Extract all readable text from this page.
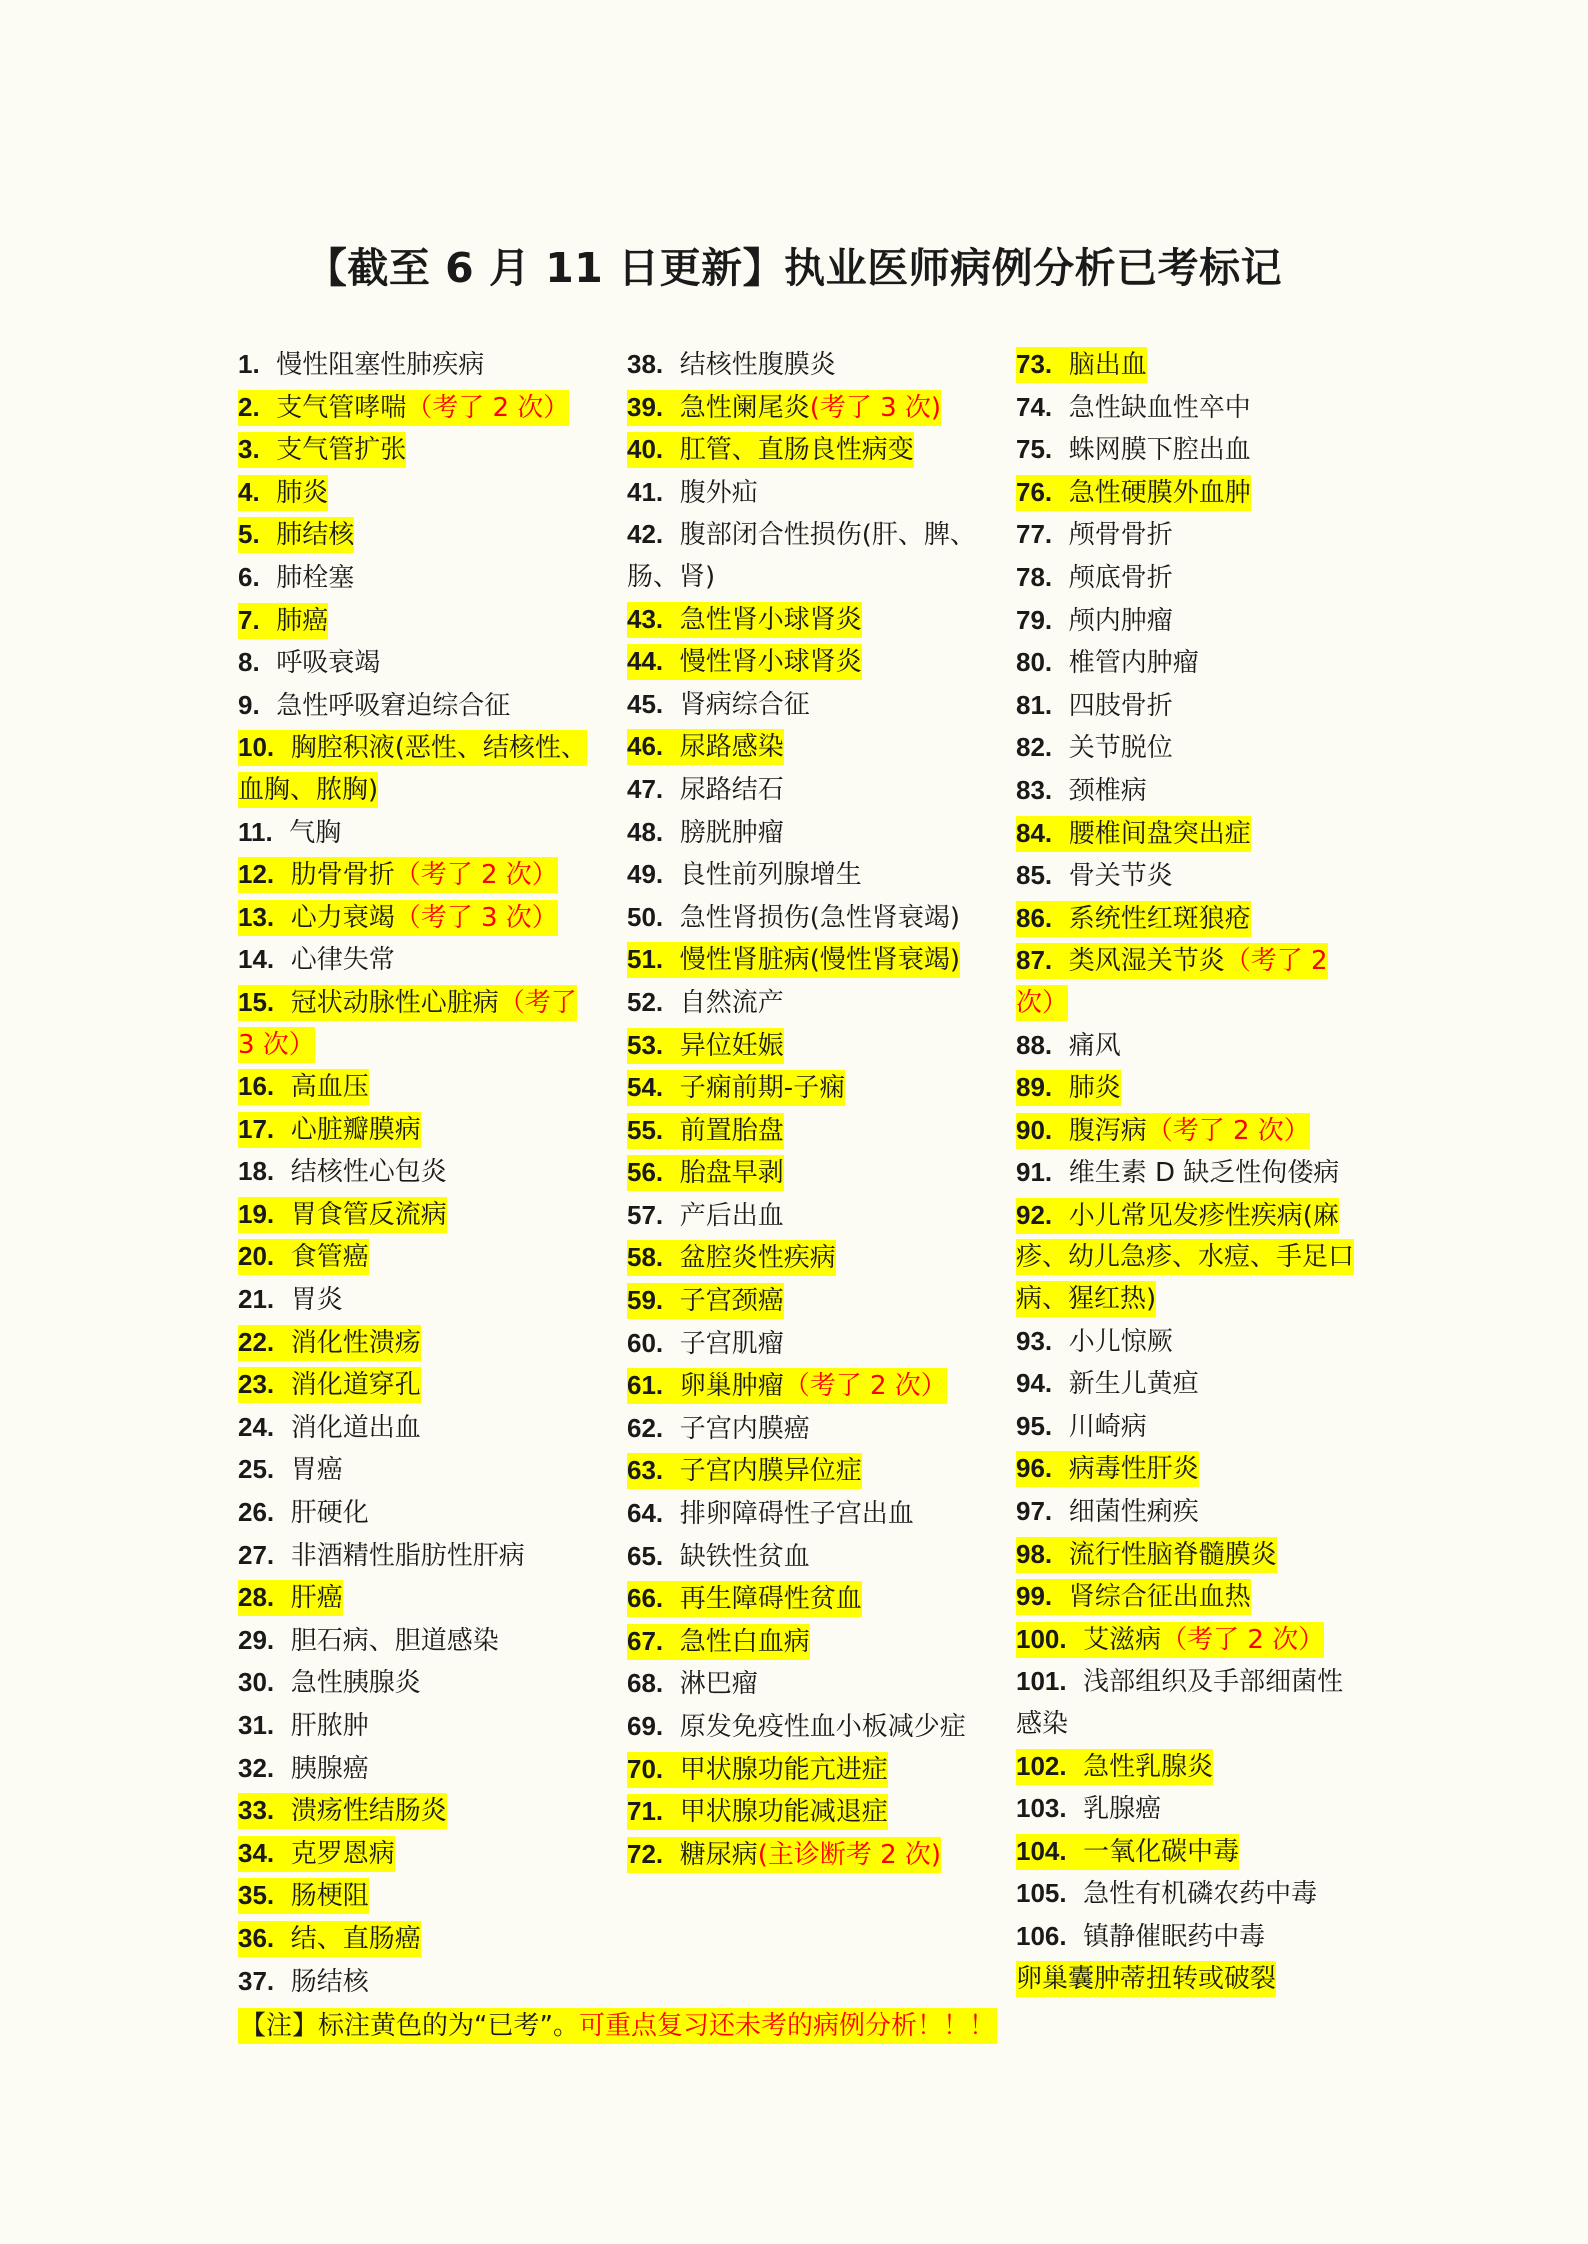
【截至 6 月 11 日更新】执业医师病例分析已考标记
1. 慢性阻塞性肺疾病
2. 支气管哮喘（考了 2 次）
3. 支气管扩张
4. 肺炎
5. 肺结核
6. 肺栓塞
7. 肺癌
8. 呼吸衰竭
9. 急性呼吸窘迫综合征
10. 胸腔积液(恶性、结核性、血胸、脓胸)
11. 气胸
12. 肋骨骨折（考了 2 次）
13. 心力衰竭（考了 3 次）
14. 心律失常
15. 冠状动脉性心脏病（考了 3 次）
16. 高血压
17. 心脏瓣膜病
18. 结核性心包炎
19. 胃食管反流病
20. 食管癌
21. 胃炎
22. 消化性溃疡
23. 消化道穿孔
24. 消化道出血
25. 胃癌
26. 肝硬化
27. 非酒精性脂肪性肝病
28. 肝癌
29. 胆石病、胆道感染
30. 急性胰腺炎
31. 肝脓肿
32. 胰腺癌
33. 溃疡性结肠炎
34. 克罗恩病
35. 肠梗阻
36. 结、直肠癌
37. 肠结核
38. 结核性腹膜炎
39. 急性阑尾炎(考了 3 次)
40. 肛管、直肠良性病变
41. 腹外疝
42. 腹部闭合性损伤(肝、脾、肠、肾)
43. 急性肾小球肾炎
44. 慢性肾小球肾炎
45. 肾病综合征
46. 尿路感染
47. 尿路结石
48. 膀胱肿瘤
49. 良性前列腺增生
50. 急性肾损伤(急性肾衰竭)
51. 慢性肾脏病(慢性肾衰竭)
52. 自然流产
53. 异位妊娠
54. 子痫前期-子痫
55. 前置胎盘
56. 胎盘早剥
57. 产后出血
58. 盆腔炎性疾病
59. 子宫颈癌
60. 子宫肌瘤
61. 卵巢肿瘤（考了 2 次）
62. 子宫内膜癌
63. 子宫内膜异位症
64. 排卵障碍性子宫出血
65. 缺铁性贫血
66. 再生障碍性贫血
67. 急性白血病
68. 淋巴瘤
69. 原发免疫性血小板减少症
70. 甲状腺功能亢进症
71. 甲状腺功能减退症
72. 糖尿病(主诊断考 2 次)
73. 脑出血
74. 急性缺血性卒中
75. 蛛网膜下腔出血
76. 急性硬膜外血肿
77. 颅骨骨折
78. 颅底骨折
79. 颅内肿瘤
80. 椎管内肿瘤
81. 四肢骨折
82. 关节脱位
83. 颈椎病
84. 腰椎间盘突出症
85. 骨关节炎
86. 系统性红斑狼疮
87. 类风湿关节炎（考了 2 次）
88. 痛风
89. 肺炎
90. 腹泻病（考了 2 次）
91. 维生素 D 缺乏性佝偻病
92. 小儿常见发疹性疾病(麻疹、幼儿急疹、水痘、手足口病、猩红热)
93. 小儿惊厥
94. 新生儿黄疸
95. 川崎病
96. 病毒性肝炎
97. 细菌性痢疾
98. 流行性脑脊髓膜炎
99. 肾综合征出血热
100. 艾滋病（考了 2 次）
101. 浅部组织及手部细菌性感染
102. 急性乳腺炎
103. 乳腺癌
104. 一氧化碳中毒
105. 急性有机磷农药中毒
106. 镇静催眠药中毒
卵巢囊肿蒂扭转或破裂
【注】标注黄色的为“已考”。可重点复习还未考的病例分析！！！
